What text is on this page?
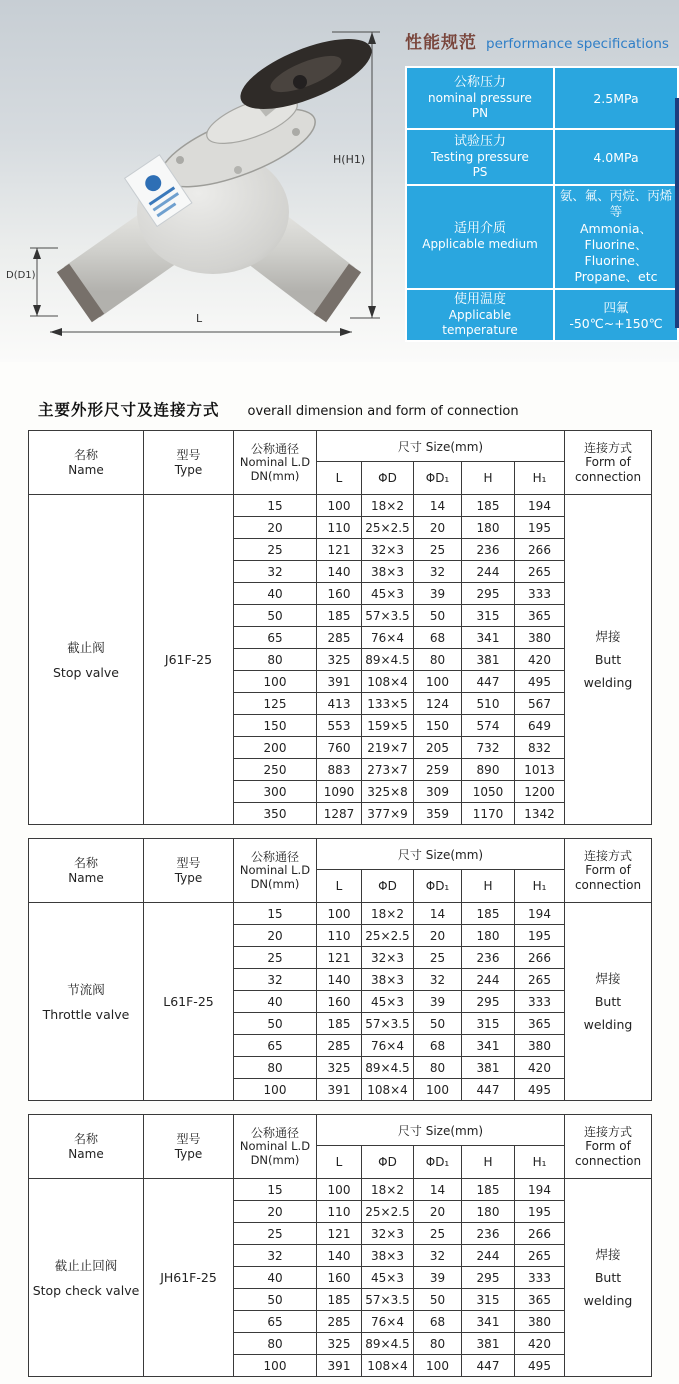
H(H1)
D(D1)
L
性能规范 performance specifications
公称压力
nominal pressure
PN	2.5MPa

试验压力
Testing pressure
PS	4.0MPa

适用介质
Applicable medium

氨、氟、丙烷、丙烯等
Ammonia、Fluorine、Fluorine、Propane、etc

使用温度
Applicable temperature

四氟
-50℃~+150℃
主要外形尺寸及连接方式 overall dimension and form of connection
名称
Name

型号
Type

公称通径
Nominal L.D
DN(mm)
	尺寸 Size(mm)	连接方式
Form of
connection

			L	ΦD	ΦD₁	H	H₁	

截止阀
Stop valve

J61F-25

15	100	18×2	14	185	194

焊接
Butt
welding

		20	110	25×2.5	20	180	195	

		25	121	32×3	25	236	266	

		32	140	38×3	32	244	265	

		40	160	45×3	39	295	333	

		50	185	57×3.5	50	315	365	

		65	285	76×4	68	341	380	

		80	325	89×4.5	80	381	420	

		100	391	108×4	100	447	495	

		125	413	133×5	124	510	567	

		150	553	159×5	150	574	649	

		200	760	219×7	205	732	832	

		250	883	273×7	259	890	1013	

		300	1090	325×8	309	1050	1200	

		350	1287	377×9	359	1170	1342	
名称
Name

型号
Type

公称通径
Nominal L.D
DN(mm)
	尺寸 Size(mm)	连接方式
Form of
connection

			L	ΦD	ΦD₁	H	H₁	

节流阀
Throttle valve

L61F-25

15	100	18×2	14	185	194

焊接
Butt
welding

		20	110	25×2.5	20	180	195	

		25	121	32×3	25	236	266	

		32	140	38×3	32	244	265	

		40	160	45×3	39	295	333	

		50	185	57×3.5	50	315	365	

		65	285	76×4	68	341	380	

		80	325	89×4.5	80	381	420	

		100	391	108×4	100	447	495	
名称
Name

型号
Type

公称通径
Nominal L.D
DN(mm)
	尺寸 Size(mm)	连接方式
Form of
connection

			L	ΦD	ΦD₁	H	H₁	

截止止回阀
Stop check valve

JH61F-25

15	100	18×2	14	185	194

焊接
Butt
welding

		20	110	25×2.5	20	180	195	

		25	121	32×3	25	236	266	

		32	140	38×3	32	244	265	

		40	160	45×3	39	295	333	

		50	185	57×3.5	50	315	365	

		65	285	76×4	68	341	380	

		80	325	89×4.5	80	381	420	

		100	391	108×4	100	447	495	
